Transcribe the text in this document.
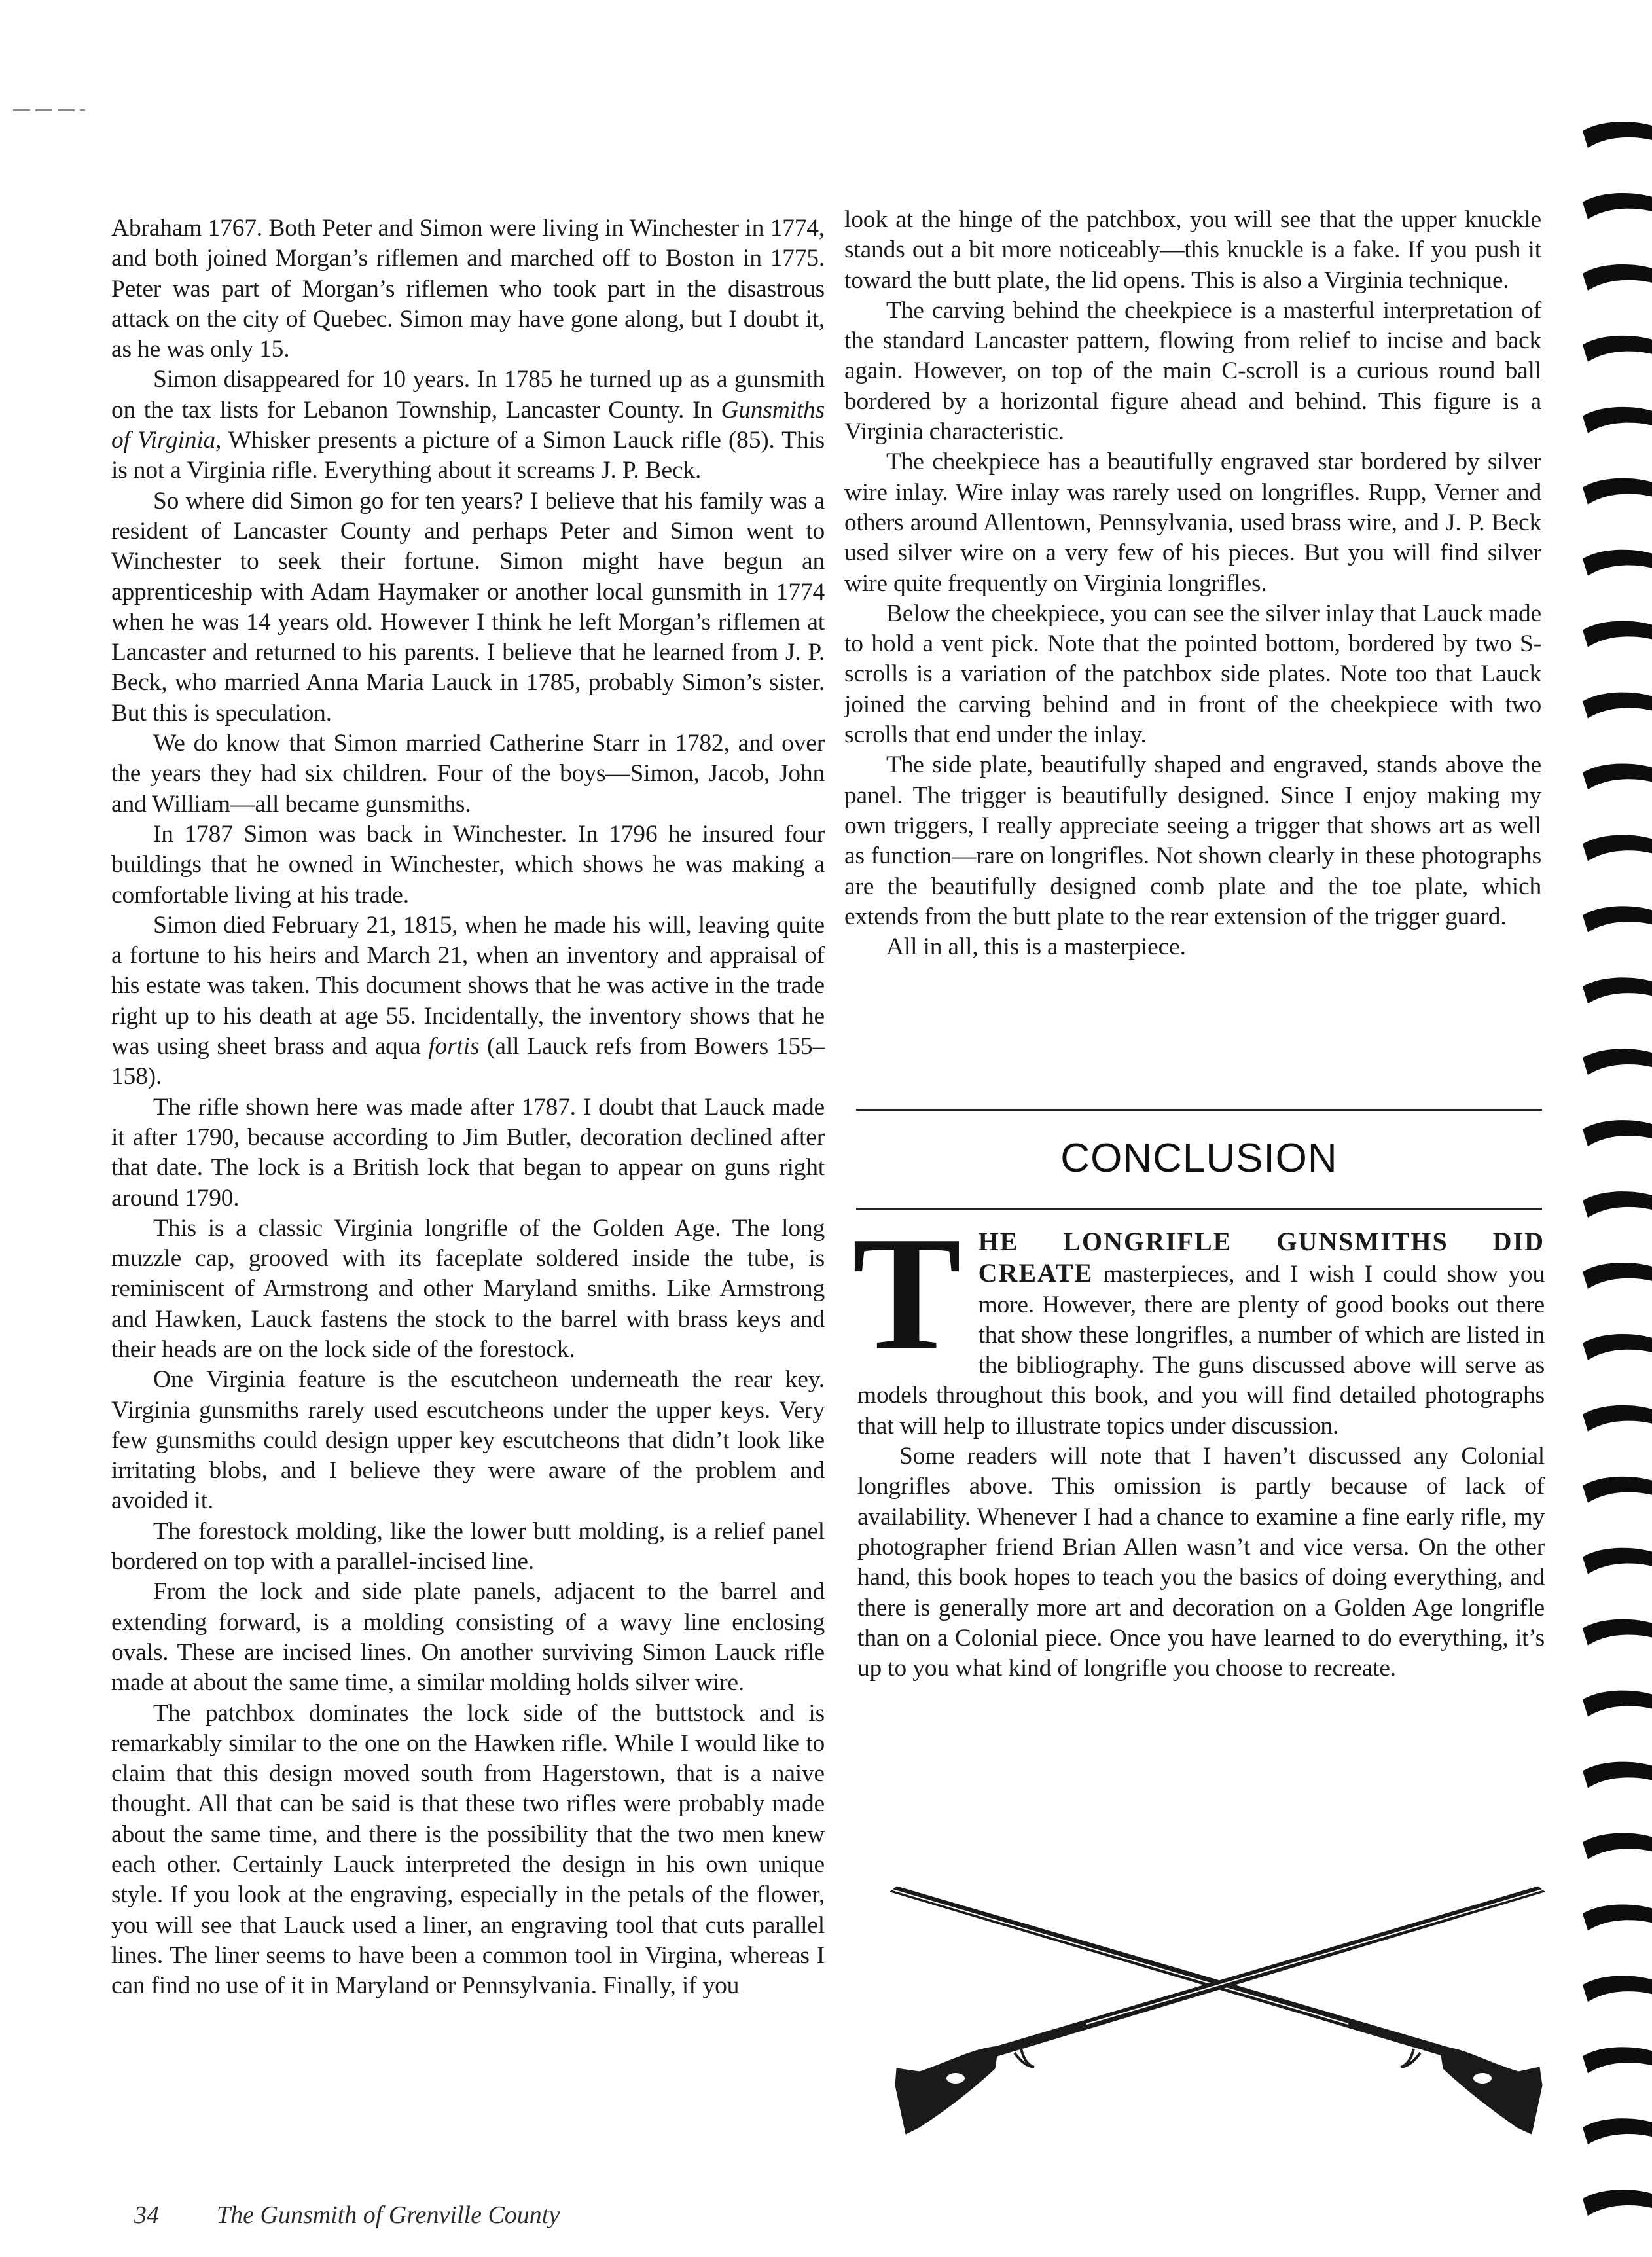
Abraham 1767. Both Peter and Simon were living in Winchester in 1774, and both joined Morgan’s riflemen and marched off to Boston in 1775. Peter was part of Morgan’s riflemen who took part in the disastrous attack on the city of Quebec. Simon may have gone along, but I doubt it, as he was only 15.

Simon disappeared for 10 years. In 1785 he turned up as a gunsmith on the tax lists for Lebanon Township, Lancaster County. In Gunsmiths of Virginia, Whisker presents a picture of a Simon Lauck rifle (85). This is not a Virginia rifle. Everything about it screams J. P. Beck.

So where did Simon go for ten years? I believe that his family was a resident of Lancaster County and perhaps Peter and Simon went to Winchester to seek their fortune. Simon might have begun an apprenticeship with Adam Haymaker or another local gunsmith in 1774 when he was 14 years old. However I think he left Morgan’s riflemen at Lancaster and returned to his parents. I believe that he learned from J. P. Beck, who married Anna Maria Lauck in 1785, probably Simon’s sister. But this is speculation.

We do know that Simon married Catherine Starr in 1782, and over the years they had six children. Four of the boys—Simon, Jacob, John and William—all became gunsmiths.

In 1787 Simon was back in Winchester. In 1796 he insured four buildings that he owned in Winchester, which shows he was making a comfortable living at his trade.

Simon died February 21, 1815, when he made his will, leaving quite a fortune to his heirs and March 21, when an inventory and appraisal of his estate was taken. This document shows that he was active in the trade right up to his death at age 55. Incidentally, the inventory shows that he was using sheet brass and aqua fortis (all Lauck refs from Bowers 155–158).

The rifle shown here was made after 1787. I doubt that Lauck made it after 1790, because according to Jim Butler, decoration declined after that date. The lock is a British lock that began to appear on guns right around 1790.

This is a classic Virginia longrifle of the Golden Age. The long muzzle cap, grooved with its faceplate soldered inside the tube, is reminiscent of Armstrong and other Maryland smiths. Like Armstrong and Hawken, Lauck fastens the stock to the barrel with brass keys and their heads are on the lock side of the forestock.

One Virginia feature is the escutcheon underneath the rear key. Virginia gunsmiths rarely used escutcheons under the upper keys. Very few gunsmiths could design upper key escutcheons that didn’t look like irritating blobs, and I believe they were aware of the problem and avoided it.

The forestock molding, like the lower butt molding, is a relief panel bordered on top with a parallel-incised line.

From the lock and side plate panels, adjacent to the barrel and extending forward, is a molding consisting of a wavy line enclosing ovals. These are incised lines. On another surviving Simon Lauck rifle made at about the same time, a similar molding holds silver wire.

The patchbox dominates the lock side of the buttstock and is remarkably similar to the one on the Hawken rifle. While I would like to claim that this design moved south from Hagerstown, that is a naive thought. All that can be said is that these two rifles were probably made about the same time, and there is the possibility that the two men knew each other. Certainly Lauck interpreted the design in his own unique style. If you look at the engraving, especially in the petals of the flower, you will see that Lauck used a liner, an engraving tool that cuts parallel lines. The liner seems to have been a common tool in Virgina, whereas I can find no use of it in Maryland or Pennsylvania. Finally, if you

look at the hinge of the patchbox, you will see that the upper knuckle stands out a bit more noticeably—this knuckle is a fake. If you push it toward the butt plate, the lid opens. This is also a Virginia technique.

The carving behind the cheekpiece is a masterful interpretation of the standard Lancaster pattern, flowing from relief to incise and back again. However, on top of the main C-scroll is a curious round ball bordered by a horizontal figure ahead and behind. This figure is a Virginia characteristic.

The cheekpiece has a beautifully engraved star bordered by silver wire inlay. Wire inlay was rarely used on longrifles. Rupp, Verner and others around Allentown, Pennsylvania, used brass wire, and J. P. Beck used silver wire on a very few of his pieces. But you will find silver wire quite frequently on Virginia longrifles.

Below the cheekpiece, you can see the silver inlay that Lauck made to hold a vent pick. Note that the pointed bottom, bordered by two S-scrolls is a variation of the patchbox side plates. Note too that Lauck joined the carving behind and in front of the cheekpiece with two scrolls that end under the inlay.

The side plate, beautifully shaped and engraved, stands above the panel. The trigger is beautifully designed. Since I enjoy making my own triggers, I really appreciate seeing a trigger that shows art as well as function—rare on longrifles. Not shown clearly in these photographs are the beautifully designed comb plate and the toe plate, which extends from the butt plate to the rear extension of the trigger guard.

All in all, this is a masterpiece.

CONCLUSION

THE LONGRIFLE GUNSMITHS DID CREATE masterpieces, and I wish I could show you more. However, there are plenty of good books out there that show these longrifles, a number of which are listed in the bibliography. The guns discussed above will serve as models throughout this book, and you will find detailed photographs that will help to illustrate topics under discussion.

Some readers will note that I haven’t discussed any Colonial longrifles above. This omission is partly because of lack of availability. Whenever I had a chance to examine a fine early rifle, my photographer friend Brian Allen wasn’t and vice versa. On the other hand, this book hopes to teach you the basics of doing everything, and there is generally more art and decoration on a Golden Age longrifle than on a Colonial piece. Once you have learned to do everything, it’s up to you what kind of longrifle you choose to recreate.

34 The Gunsmith of Grenville County
